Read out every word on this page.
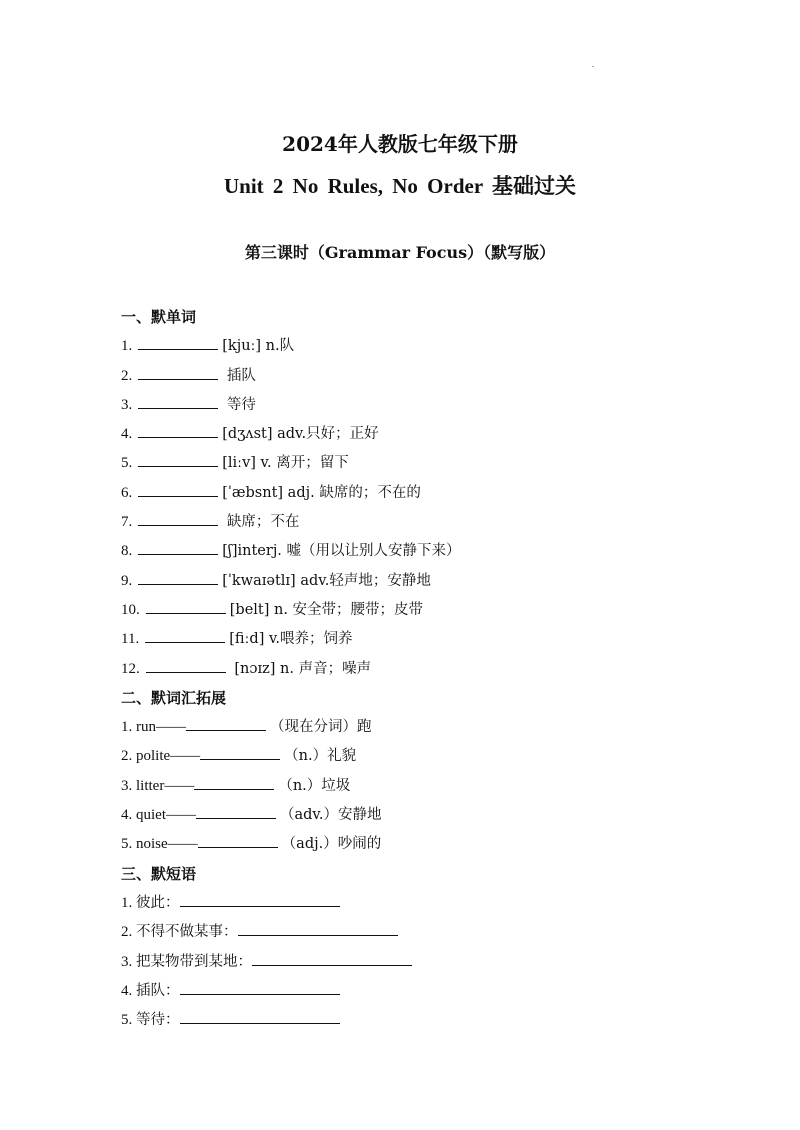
2024年人教版七年级下册
Unit 2 No Rules, No Order 基础过关
第三课时（Grammar Focus）（默写版）
一、默单词
1.	[kjuː] n.队
2.	插队
3.	等待
4.	[dʒʌst] adv.只好；正好
5.	[liːv] v. 离开；留下
6.	[ˈæbsnt] adj. 缺席的；不在的
7.	缺席；不在
8.	[ʃ]interj. 嘘（用以让别人安静下来）
9.	[ˈkwaɪətlɪ] adv.轻声地；安静地
10.	[belt] n. 安全带；腰带；皮带
11.	[fiːd] v.喂养；饲养
12.	[nɔɪz] n. 声音；噪声
二、默词汇拓展
1. run——	（现在分词）跑
2. polite——	（n.）礼貌
3. litter——	（n.）垃圾
4. quiet——	（adv.）安静地
5. noise——	（adj.）吵闹的
三、默短语
1. 彼此：
2. 不得不做某事：
3. 把某物带到某地：
4. 插队：
5. 等待：
